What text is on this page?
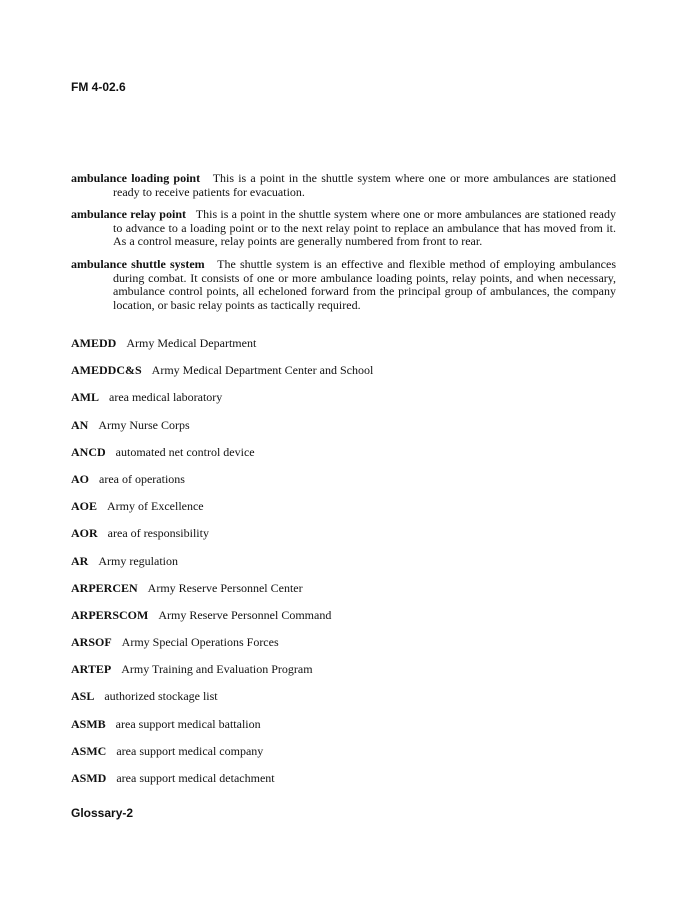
FM 4-02.6

ambulance loading point This is a point in the shuttle system where one or more ambulances are stationed ready to receive patients for evacuation.

ambulance relay point This is a point in the shuttle system where one or more ambulances are stationed ready to advance to a loading point or to the next relay point to replace an ambulance that has moved from it. As a control measure, relay points are generally numbered from front to rear.

ambulance shuttle system The shuttle system is an effective and flexible method of employing ambulances during combat. It consists of one or more ambulance loading points, relay points, and when necessary, ambulance control points, all echeloned forward from the principal group of ambulances, the company location, or basic relay points as tactically required.

AMEDD Army Medical Department
AMEDDC&S Army Medical Department Center and School
AML area medical laboratory
AN Army Nurse Corps
ANCD automated net control device
AO area of operations
AOE Army of Excellence
AOR area of responsibility
AR Army regulation
ARPERCEN Army Reserve Personnel Center
ARPERSCOM Army Reserve Personnel Command
ARSOF Army Special Operations Forces
ARTEP Army Training and Evaluation Program
ASL authorized stockage list
ASMB area support medical battalion
ASMC area support medical company
ASMD area support medical detachment
Glossary-2
